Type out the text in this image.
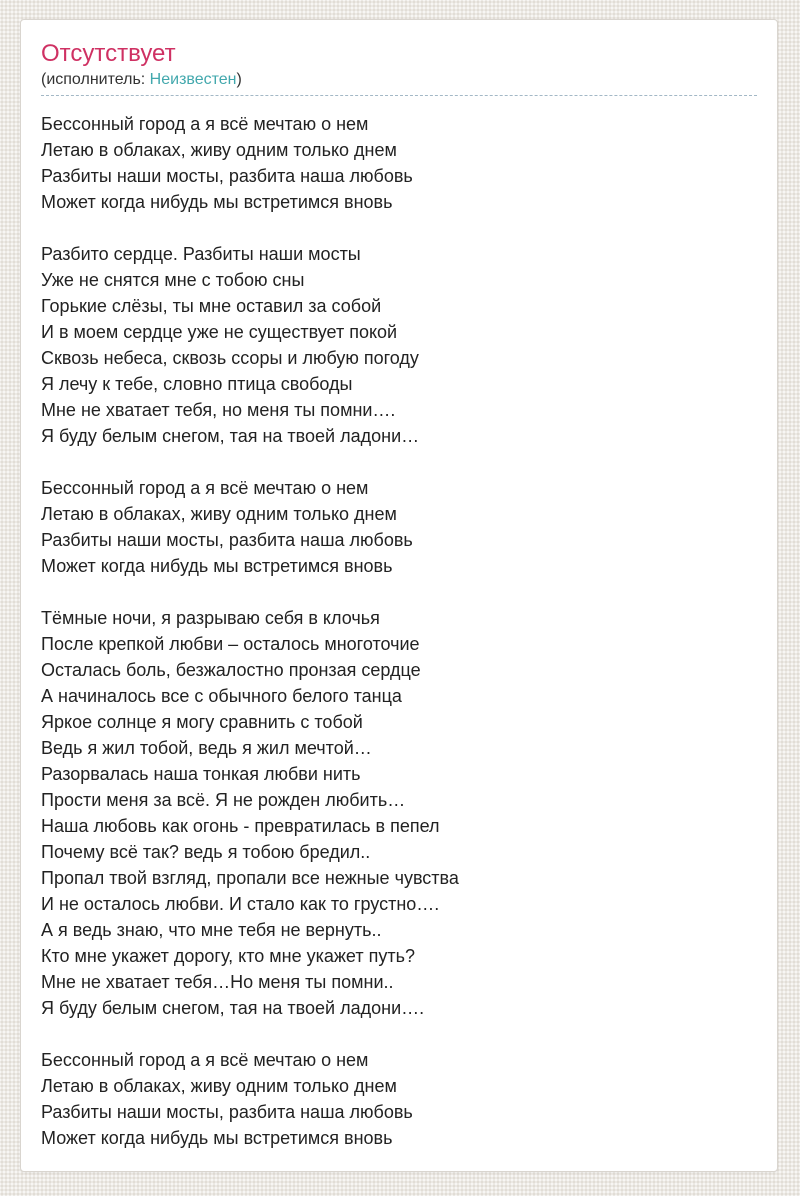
Отсутствует
(исполнитель: Неизвестен)
Бессонный город а я всё мечтаю о нем
Летаю в облаках, живу одним только днем
Разбиты наши мосты, разбита наша любовь
Может когда нибудь мы встретимся вновь
Разбито сердце. Разбиты наши мосты
Уже не снятся мне с тобою сны
Горькие слёзы, ты мне оставил за собой
И в моем сердце уже не существует покой
Сквозь небеса, сквозь ссоры и любую погоду
Я лечу к тебе, словно птица свободы
Мне не хватает тебя, но меня ты помни….
Я буду белым снегом, тая на твоей ладони…
Бессонный город а я всё мечтаю о нем
Летаю в облаках, живу одним только днем
Разбиты наши мосты, разбита наша любовь
Может когда нибудь мы встретимся вновь
Тёмные ночи, я разрываю себя в клочья
После крепкой любви – осталось многоточие
Осталась боль, безжалостно пронзая сердце
А начиналось все с обычного белого танца
Яркое солнце я могу сравнить с тобой
Ведь я жил тобой, ведь я жил мечтой…
Разорвалась наша тонкая любви нить
Прости меня за всё. Я не рожден любить…
Наша любовь как огонь - превратилась в пепел
Почему всё так? ведь я тобою бредил..
Пропал твой взгляд, пропали все нежные чувства
И не осталось любви. И стало как то грустно….
А я ведь знаю, что мне тебя не вернуть..
Кто мне укажет дорогу, кто мне укажет путь?
Мне не хватает тебя…Но меня ты помни..
Я буду белым снегом, тая на твоей ладони….
Бессонный город а я всё мечтаю о нем
Летаю в облаках, живу одним только днем
Разбиты наши мосты, разбита наша любовь
Может когда нибудь мы встретимся вновь
